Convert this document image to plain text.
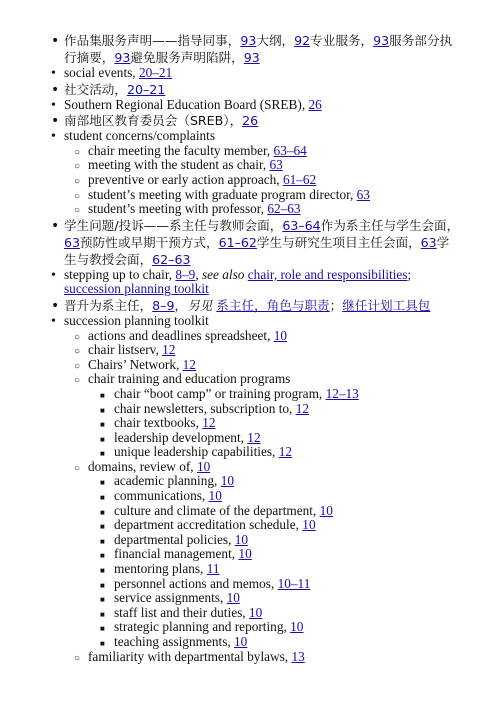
•
作品集服务声明——指导同事，93大纲，92专业服务，93服务部分执行摘要，93避免服务声明陷阱，93
•
social events, 20–21
•
社交活动，20–21
•
Southern Regional Education Board (SREB), 26
•
南部地区教育委员会（SREB），26
•
student concerns/complaints
○
chair meeting the faculty member, 63–64
○
meeting with the student as chair, 63
○
preventive or early action approach, 61–62
○
student’s meeting with graduate program director, 63
○
student’s meeting with professor, 62–63
•
学生问题/投诉——系主任与教师会面，63–64作为系主任与学生会面，63预防性或早期干预方式，61–62学生与研究生项目主任会面，63学生与教授会面，62–63
•
stepping up to chair, 8–9, see also chair, role and responsibilities; succession planning toolkit
•
晋升为系主任，8–9，另见 系主任，角色与职责；继任计划工具包
•
succession planning toolkit
○
actions and deadlines spreadsheet, 10
○
chair listserv, 12
○
Chairs’ Network, 12
○
chair training and education programs
■
chair “boot camp” or training program, 12–13
■
chair newsletters, subscription to, 12
■
chair textbooks, 12
■
leadership development, 12
■
unique leadership capabilities, 12
○
domains, review of, 10
■
academic planning, 10
■
communications, 10
■
culture and climate of the department, 10
■
department accreditation schedule, 10
■
departmental policies, 10
■
financial management, 10
■
mentoring plans, 11
■
personnel actions and memos, 10–11
■
service assignments, 10
■
staff list and their duties, 10
■
strategic planning and reporting, 10
■
teaching assignments, 10
○
familiarity with departmental bylaws, 13
